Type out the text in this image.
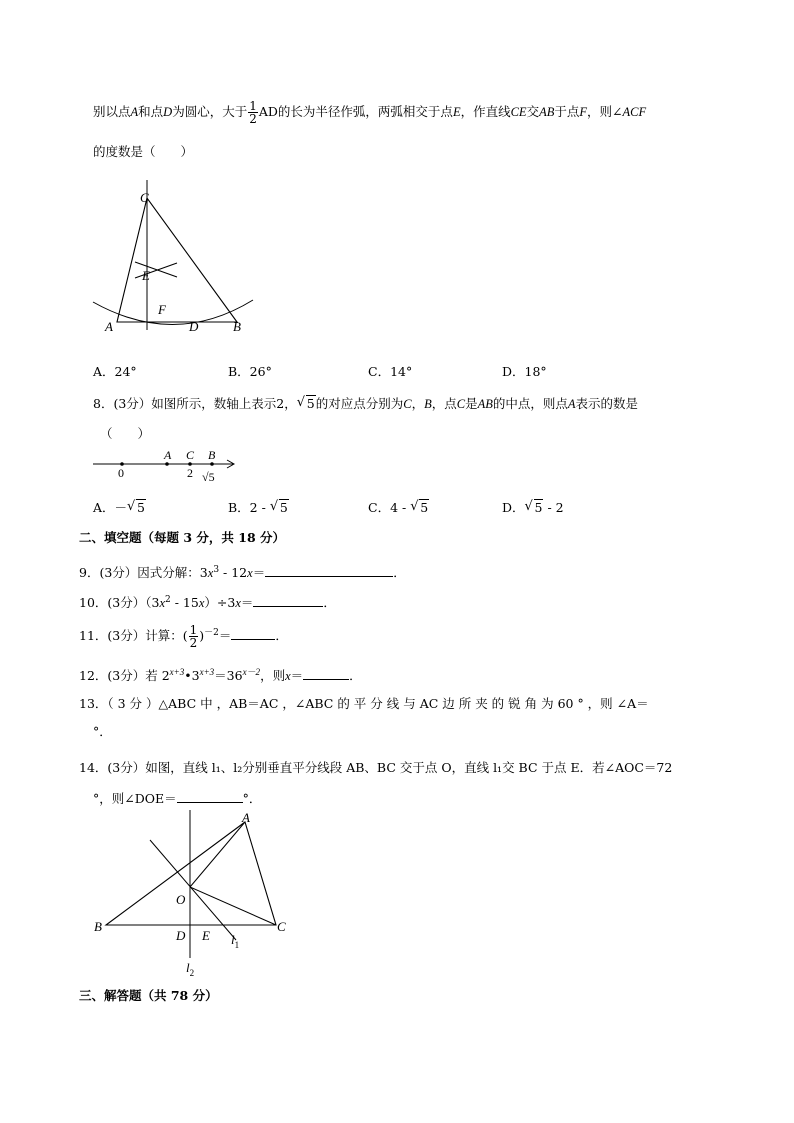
别以点A和点D为圆心，大于 $\frac{1}{2}$ AD的长为半径作弧，两弧相交于点E，作直线CE交AB于点F，则∠ACF
的度数是（　　）
C
E
F
A	D	B
A．24°	B．26°	C．14°	D．18°
8．(3分）如图所示，数轴上表示2， √ 5的对应点分别为C，B，点C是AB的中点，则点A表示的数是
（　　）
0
A C
2
B
√5
A．－ √ 5	B．2 - √ 5	C．4 - √ 5	D． √ 5 - 2
二、填空题（每题 3 分，共 18 分）
9．(3分）因式分解：$3x^3 - 12x=$	．
10．(3分）$(3x^2 - 15x)\div 3x=$	．
11．(3分）计算：( $\frac{1}{2} )^{-2}=$	．
12．(3分）若 $2^{x+3}•3^{x+3}=36^{x-2}$，则x＝	．
13．（ 3 分 ）△ABC 中 ，AB＝AC ，∠ABC 的 平 分 线 与 AC 边 所 夹 的 锐 角 为 60 ° ，则 ∠A＝
°．
14．(3分）如图，直线 l₁、l₂分别垂直平分线段 AB、BC 交于点 O，直线 l₁交 BC 于点 E．若∠AOC＝72
°，则∠DOE＝	°．
A
O
B
D E
C
$l_1$
$l_2$
三、解答题（共 78 分）
